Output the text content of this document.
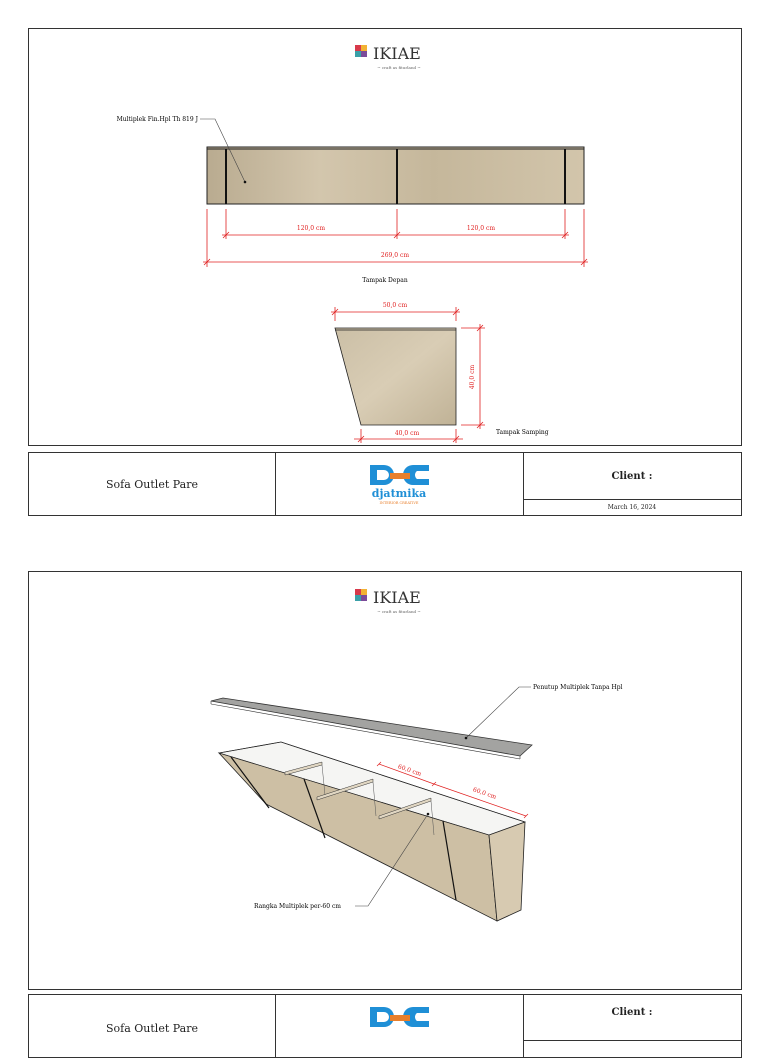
IKIAE
~ craft as fiturland ~
Multiplek Fin.Hpl Th 819 J
120,0 cm	120,0 cm
269,0 cm
Tampak Depan
50,0 cm
40,0 cm
40,0 cm	Tampak Samping
Sofa Outlet Pare
djatmika
INTERIOR CREATIVE
Client :
March 16, 2024
IKIAE
~ craft as fiturland ~
Penutup Multiplek Tanpa Hpl
60,0 cm
60,0 cm
Rangka Multiplek per-60 cm
Sofa Outlet Pare
Client :
